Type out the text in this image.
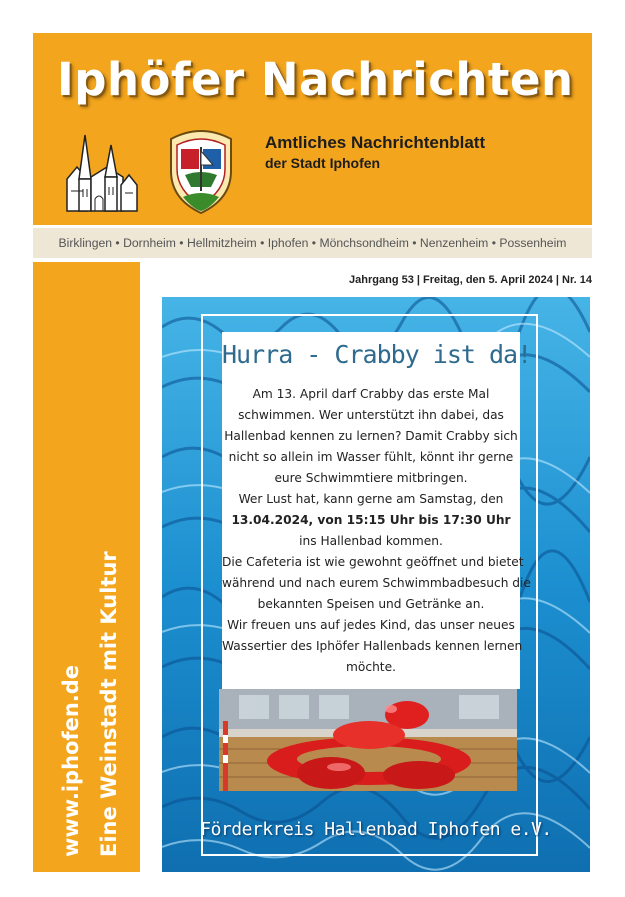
Iphöfer Nachrichten
Amtliches Nachrichtenblatt
der Stadt Iphofen
Birklingen • Dornheim • Hellmitzheim • Iphofen • Mönchsondheim • Nenzenheim • Possenheim
www.iphofen.de Eine Weinstadt mit Kultur
Jahrgang 53 | Freitag, den 5. April 2024 | Nr. 14
Hurra - Crabby ist da!
Am 13. April darf Crabby das erste Mal
schwimmen. Wer unterstützt ihn dabei, das
Hallenbad kennen zu lernen? Damit Crabby sich
nicht so allein im Wasser fühlt, könnt ihr gerne
eure Schwimmtiere mitbringen.
Wer Lust hat, kann gerne am Samstag, den
13.04.2024, von 15:15 Uhr bis 17:30 Uhr
ins Hallenbad kommen.
Die Cafeteria ist wie gewohnt geöffnet und bietet
während und nach eurem Schwimmbadbesuch die
bekannten Speisen und Getränke an.
Wir freuen uns auf jedes Kind, das unser neues
Wassertier des Iphöfer Hallenbads kennen lernen
möchte.
Förderkreis Hallenbad Iphofen e.V.
